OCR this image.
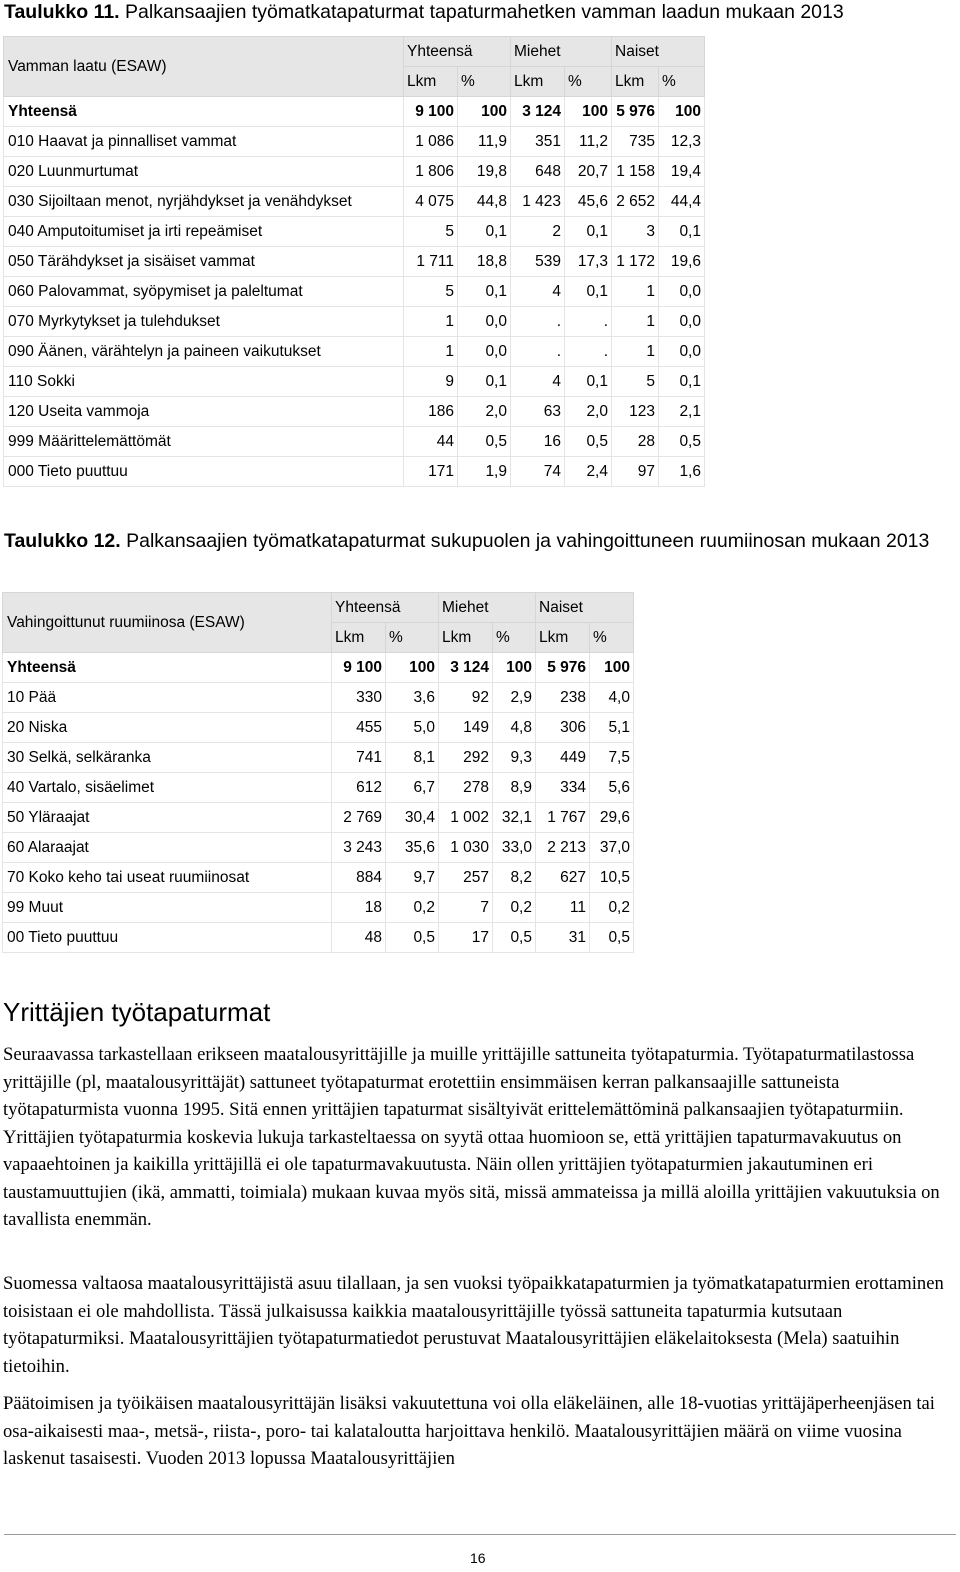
Taulukko 11. Palkansaajien työmatkatapaturmat tapaturmahetken vamman laadun mukaan 2013
Vamman laatu (ESAW)	Yhteensä		Miehet		Naiset	
	Lkm	%	Lkm	%	Lkm	%
Yhteensä	9 100	100	3 124	100	5 976	100
010 Haavat ja pinnalliset vammat	1 086	11,9	351	11,2	735	12,3
020 Luunmurtumat	1 806	19,8	648	20,7	1 158	19,4
030 Sijoiltaan menot, nyrjähdykset ja venähdykset	4 075	44,8	1 423	45,6	2 652	44,4
040 Amputoitumiset ja irti repeämiset	5	0,1	2	0,1	3	0,1
050 Tärähdykset ja sisäiset vammat	1 711	18,8	539	17,3	1 172	19,6
060 Palovammat, syöpymiset ja paleltumat	5	0,1	4	0,1	1	0,0
070 Myrkytykset ja tulehdukset	1	0,0	.	.	1	0,0
090 Äänen, värähtelyn ja paineen vaikutukset	1	0,0	.	.	1	0,0
110 Sokki	9	0,1	4	0,1	5	0,1
120 Useita vammoja	186	2,0	63	2,0	123	2,1
999 Määrittelemättömät	44	0,5	16	0,5	28	0,5
000 Tieto puuttuu	171	1,9	74	2,4	97	1,6
Taulukko 12. Palkansaajien työmatkatapaturmat sukupuolen ja vahingoittuneen ruumiinosan mukaan 2013
Vahingoittunut ruumiinosa (ESAW)	Yhteensä		Miehet		Naiset	
	Lkm	%	Lkm	%	Lkm	%
Yhteensä	9 100	100	3 124	100	5 976	100
10 Pää	330	3,6	92	2,9	238	4,0
20 Niska	455	5,0	149	4,8	306	5,1
30 Selkä, selkäranka	741	8,1	292	9,3	449	7,5
40 Vartalo, sisäelimet	612	6,7	278	8,9	334	5,6
50 Yläraajat	2 769	30,4	1 002	32,1	1 767	29,6
60 Alaraajat	3 243	35,6	1 030	33,0	2 213	37,0
70 Koko keho tai useat ruumiinosat	884	9,7	257	8,2	627	10,5
99 Muut	18	0,2	7	0,2	11	0,2
00 Tieto puuttuu	48	0,5	17	0,5	31	0,5
Yrittäjien työtapaturmat

Seuraavassa tarkastellaan erikseen maatalousyrittäjille ja muille yrittäjille sattuneita työtapaturmia. Työtapaturmatilastossa yrittäjille (pl, maatalousyrittäjät) sattuneet työtapaturmat erotettiin ensimmäisen kerran palkansaajille sattuneista työtapaturmista vuonna 1995. Sitä ennen yrittäjien tapaturmat sisältyivät erittelemättöminä palkansaajien työtapaturmiin. Yrittäjien työtapaturmia koskevia lukuja tarkasteltaessa on syytä ottaa huomioon se, että yrittäjien tapaturmavakuutus on vapaaehtoinen ja kaikilla yrittäjillä ei ole tapaturmavakuutusta. Näin ollen yrittäjien työtapaturmien jakautuminen eri taustamuuttujien (ikä, ammatti, toimiala) mukaan kuvaa myös sitä, missä ammateissa ja millä aloilla yrittäjien vakuutuksia on tavallista enemmän.

Suomessa valtaosa maatalousyrittäjistä asuu tilallaan, ja sen vuoksi työpaikkatapaturmien ja työmatkatapaturmien erottaminen toisistaan ei ole mahdollista. Tässä julkaisussa kaikkia maatalousyrittäjille työssä sattuneita tapaturmia kutsutaan työtapaturmiksi. Maatalousyrittäjien työtapaturmatiedot perustuvat Maatalousyrittäjien eläkelaitoksesta (Mela) saatuihin tietoihin.

Päätoimisen ja työikäisen maatalousyrittäjän lisäksi vakuutettuna voi olla eläkeläinen, alle 18-vuotias yrittäjäperheenjäsen tai osa-aikaisesti maa-, metsä-, riista-, poro- tai kalataloutta harjoittava henkilö. Maatalousyrittäjien määrä on viime vuosina laskenut tasaisesti. Vuoden 2013 lopussa Maatalousyrittäjien

16
